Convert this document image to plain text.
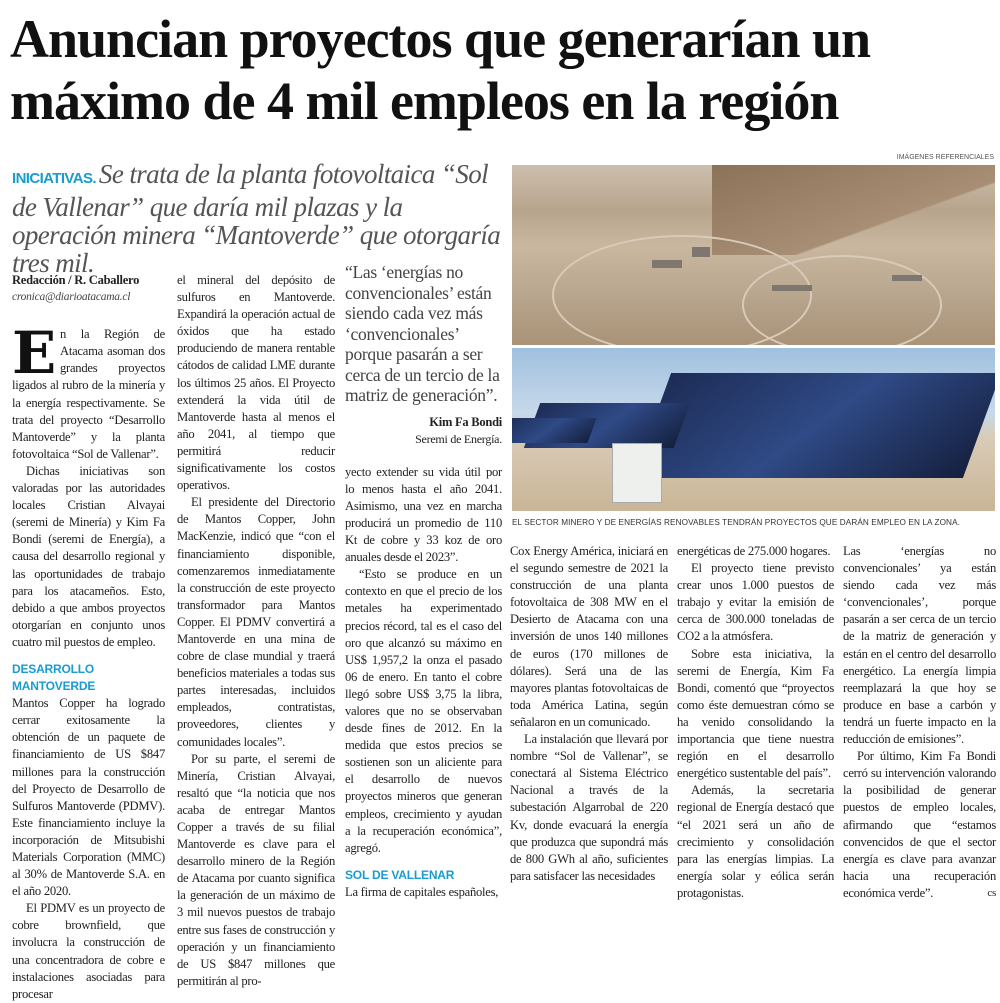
Anuncian proyectos que generarían un máximo de 4 mil empleos en la región
INICIATIVAS. Se trata de la planta fotovoltaica “Sol de Vallenar” que daría mil plazas y la operación minera “Mantoverde” que otorgaría tres mil.
IMÁGENES REFERENCIALES
EL SECTOR MINERO Y DE ENERGÍAS RENOVABLES TENDRÁN PROYECTOS QUE DARÁN EMPLEO EN LA ZONA.
Redacción / R. Caballero
cronica@diarioatacama.cl

En la Región de Atacama asoman dos grandes proyectos ligados al rubro de la minería y la energía respectivamente. Se trata del proyecto “Desarrollo Mantoverde” y la planta fotovoltaica “Sol de Vallenar”.

Dichas iniciativas son valoradas por las autoridades locales Cristian Alvayai (seremi de Minería) y Kim Fa Bondi (seremi de Energía), a causa del desarrollo regional y las oportunidades de trabajo para los atacameños. Esto, debido a que ambos proyectos otorgarían en conjunto unos cuatro mil puestos de empleo.

DESARROLLO MANTOVERDE

Mantos Copper ha logrado cerrar exitosamente la obtención de un paquete de financiamiento de US $847 millones para la construcción del Proyecto de Desarrollo de Sulfuros Mantoverde (PDMV). Este financiamiento incluye la incorporación de Mitsubishi Materials Corporation (MMC) al 30% de Mantoverde S.A. en el año 2020.

El PDMV es un proyecto de cobre brownfield, que involucra la construcción de una concentradora de cobre e instalaciones asociadas para procesar

el mineral del depósito de sulfuros en Mantoverde. Expandirá la operación actual de óxidos que ha estado produciendo de manera rentable cátodos de calidad LME durante los últimos 25 años. El Proyecto extenderá la vida útil de Mantoverde hasta al menos el año 2041, al tiempo que permitirá reducir significativamente los costos operativos.

El presidente del Directorio de Mantos Copper, John MacKenzie, indicó que “con el financiamiento disponible, comenzaremos inmediatamente la construcción de este proyecto transformador para Mantos Copper. El PDMV convertirá a Mantoverde en una mina de cobre de clase mundial y traerá beneficios materiales a todas sus partes interesadas, incluidos empleados, contratistas, proveedores, clientes y comunidades locales”.

Por su parte, el seremi de Minería, Cristian Alvayai, resaltó que “la noticia que nos acaba de entregar Mantos Copper a través de su filial Mantoverde es clave para el desarrollo minero de la Región de Atacama por cuanto significa la generación de un máximo de 3 mil nuevos puestos de trabajo entre sus fases de construcción y operación y un financiamiento de US $847 millones que permitirán al pro-

“Las ‘energías no convencionales’ están siendo cada vez más ‘convencionales’ porque pasarán a ser cerca de un tercio de la matriz de generación”.
Kim Fa Bondi
Seremi de Energía.

yecto extender su vida útil por lo menos hasta el año 2041. Asimismo, una vez en marcha producirá un promedio de 110 Kt de cobre y 33 koz de oro anuales desde el 2023”.

“Esto se produce en un contexto en que el precio de los metales ha experimentado precios récord, tal es el caso del oro que alcanzó su máximo en US$ 1,957,2 la onza el pasado 06 de enero. En tanto el cobre llegó sobre US$ 3,75 la libra, valores que no se observaban desde fines de 2012. En la medida que estos precios se sostienen son un aliciente para el desarrollo de nuevos proyectos mineros que generan empleos, crecimiento y ayudan a la recuperación económica”, agregó.

SOL DE VALLENAR

La firma de capitales españoles,

Cox Energy América, iniciará en el segundo semestre de 2021 la construcción de una planta fotovoltaica de 308 MW en el Desierto de Atacama con una inversión de unos 140 millones de euros (170 millones de dólares). Será una de las mayores plantas fotovoltaicas de toda América Latina, según señalaron en un comunicado.

La instalación que llevará por nombre “Sol de Vallenar”, se conectará al Sistema Eléctrico Nacional a través de la subestación Algarrobal de 220 Kv, donde evacuará la energía que produzca que supondrá más de 800 GWh al año, suficientes para satisfacer las necesidades

energéticas de 275.000 hogares.

El proyecto tiene previsto crear unos 1.000 puestos de trabajo y evitar la emisión de cerca de 300.000 toneladas de CO2 a la atmósfera.

Sobre esta iniciativa, la seremi de Energía, Kim Fa Bondi, comentó que “proyectos como éste demuestran cómo se ha venido consolidando la importancia que tiene nuestra región en el desarrollo energético sustentable del país”.

Además, la secretaria regional de Energía destacó que “el 2021 será un año de crecimiento y consolidación para las energías limpias. La energía solar y eólica serán protagonistas.

Las ‘energías no convencionales’ ya están siendo cada vez más ‘convencionales’, porque pasarán a ser cerca de un tercio de la matriz de generación y están en el centro del desarrollo energético. La energía limpia reemplazará la que hoy se produce en base a carbón y tendrá un fuerte impacto en la reducción de emisiones”.

Por último, Kim Fa Bondi cerró su intervención valorando la posibilidad de generar puestos de empleo locales, afirmando que “estamos convencidos de que el sector energía es clave para avanzar hacia una recuperación económica verde”.	cs
